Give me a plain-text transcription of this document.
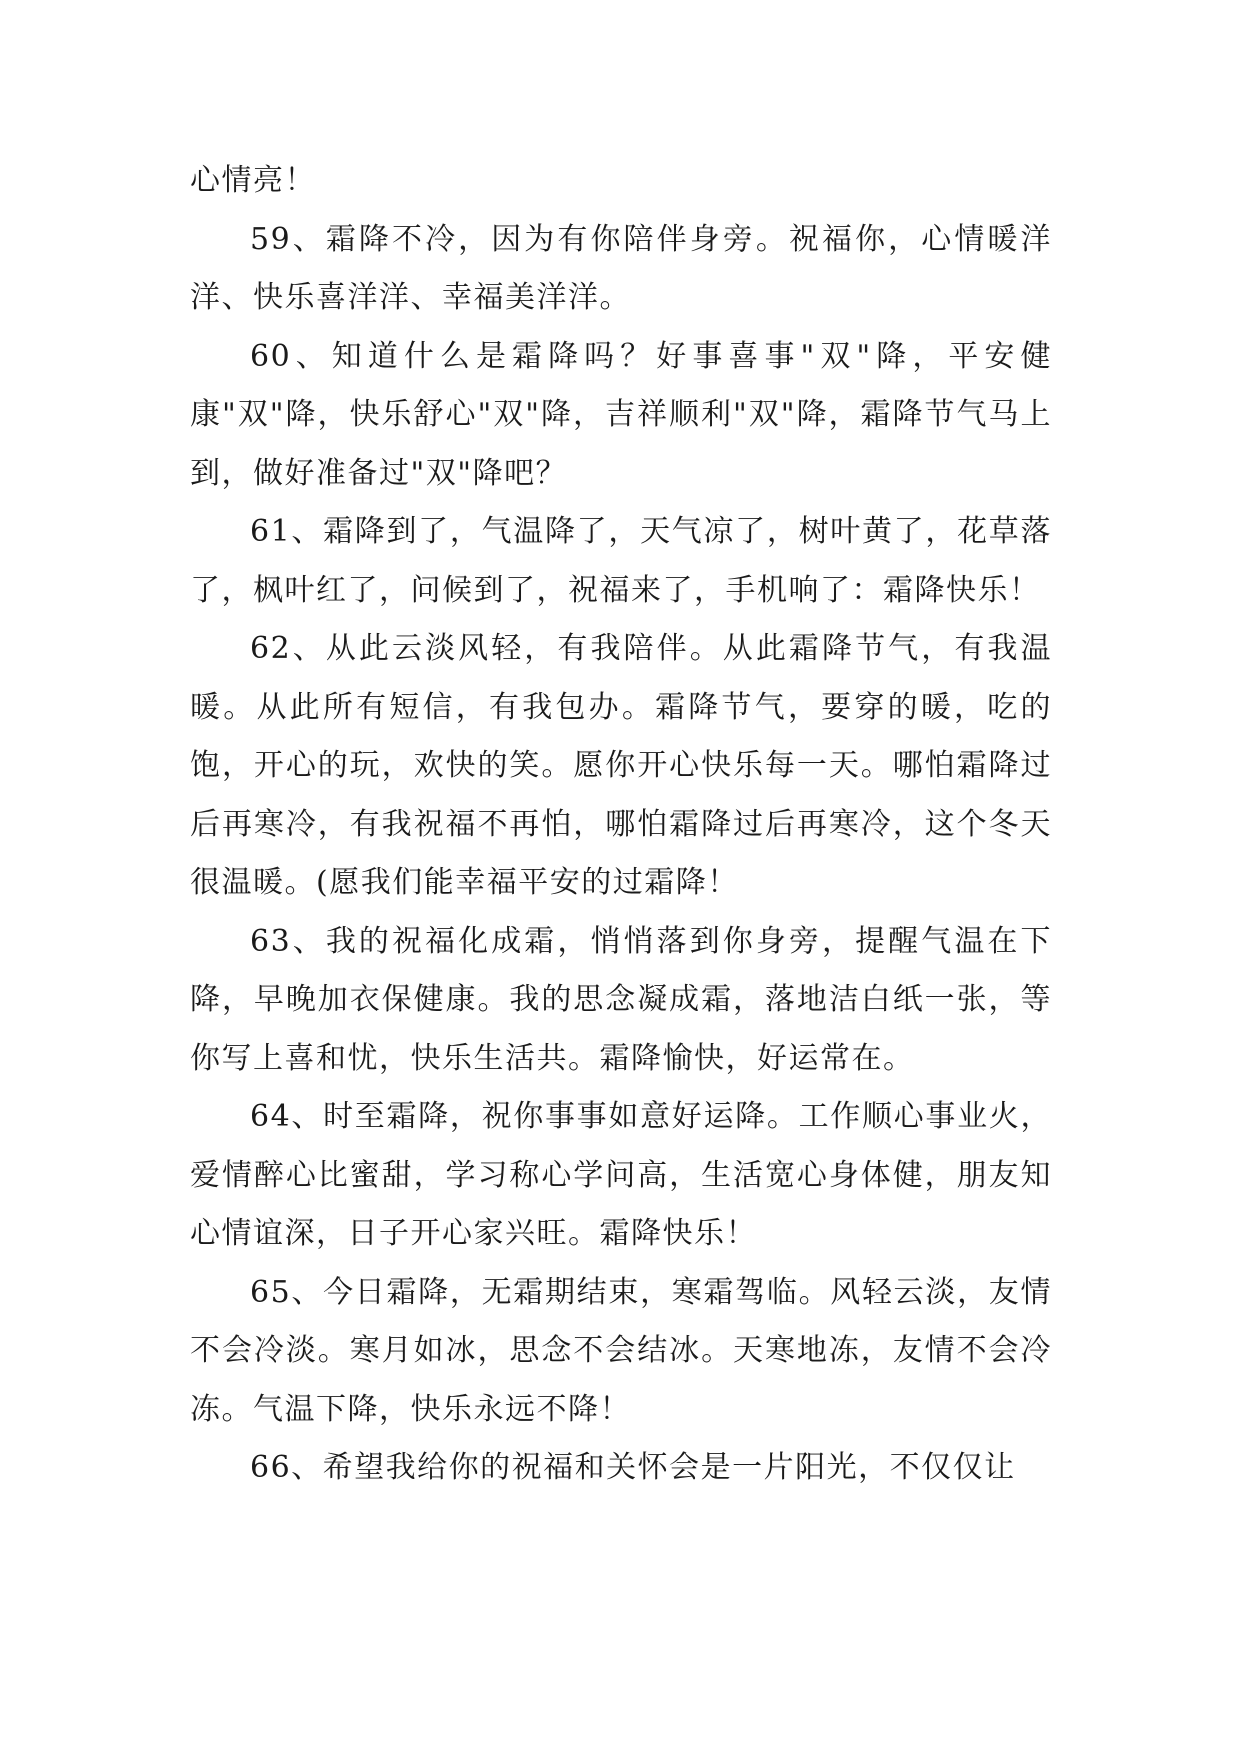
心情亮！

59、霜降不冷，因为有你陪伴身旁。祝福你，心情暖洋洋、快乐喜洋洋、幸福美洋洋。

60、知道什么是霜降吗？好事喜事"双"降，平安健康"双"降，快乐舒心"双"降，吉祥顺利"双"降，霜降节气马上到，做好准备过"双"降吧？

61、霜降到了，气温降了，天气凉了，树叶黄了，花草落了，枫叶红了，问候到了，祝福来了，手机响了：霜降快乐！

62、从此云淡风轻，有我陪伴。从此霜降节气，有我温暖。从此所有短信，有我包办。霜降节气，要穿的暖，吃的饱，开心的玩，欢快的笑。愿你开心快乐每一天。哪怕霜降过后再寒冷，有我祝福不再怕，哪怕霜降过后再寒冷，这个冬天很温暖。(愿我们能幸福平安的过霜降！

63、我的祝福化成霜，悄悄落到你身旁，提醒气温在下降，早晚加衣保健康。我的思念凝成霜，落地洁白纸一张，等你写上喜和忧，快乐生活共。霜降愉快，好运常在。

64、时至霜降，祝你事事如意好运降。工作顺心事业火，爱情醉心比蜜甜，学习称心学问高，生活宽心身体健，朋友知心情谊深，日子开心家兴旺。霜降快乐！

65、今日霜降，无霜期结束，寒霜驾临。风轻云淡，友情不会冷淡。寒月如冰，思念不会结冰。天寒地冻，友情不会冷冻。气温下降，快乐永远不降！

66、希望我给你的祝福和关怀会是一片阳光，不仅仅让
